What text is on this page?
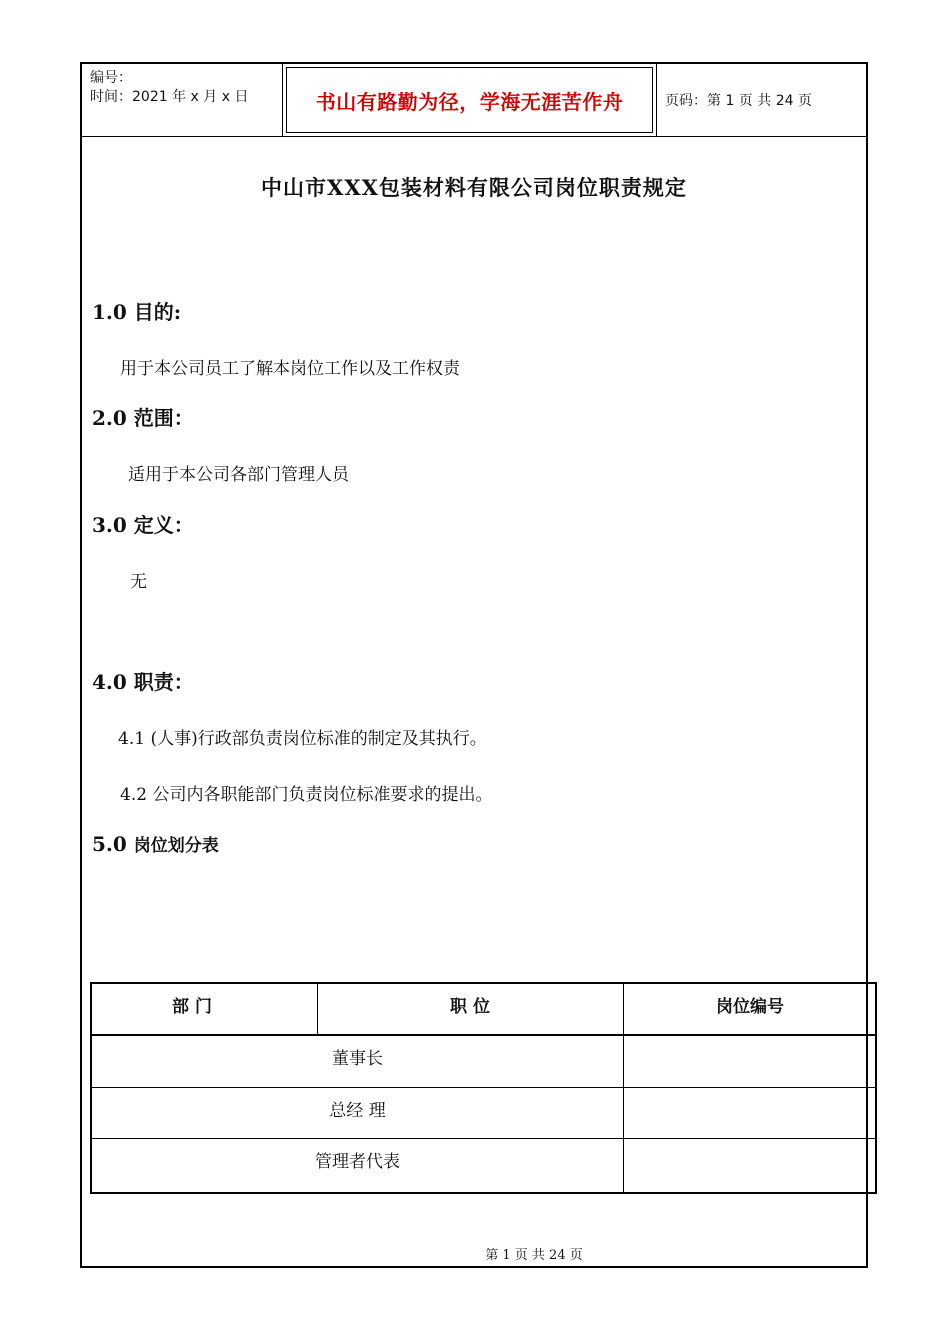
编号：
时间：2021 年 x 月 x 日	书山有路勤为径，学海无涯苦作舟	页码：第 1 页 共 24 页
中山市XXX包装材料有限公司岗位职责规定
1.0 目的:
用于本公司员工了解本岗位工作以及工作权责
2.0 范围：
适用于本公司各部门管理人员
3.0 定义：
无
4.0 职责：
4.1 (人事)行政部负责岗位标准的制定及其执行。
4.2 公司内各职能部门负责岗位标准要求的提出。
5.0 岗位划分表
部 门	职 位	岗位编号
董事长
总经 理
管理者代表
第 1 页 共 24 页
